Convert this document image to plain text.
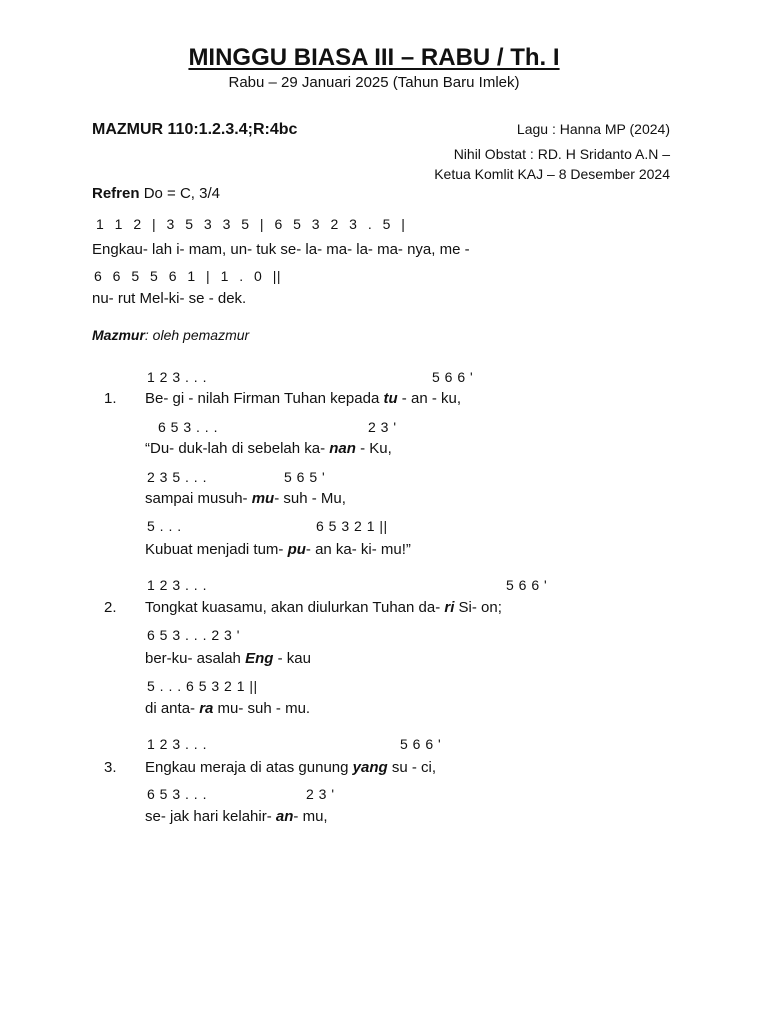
MINGGU BIASA III – RABU / Th. I
Rabu – 29 Januari 2025 (Tahun Baru Imlek)
MAZMUR 110:1.2.3.4;R:4bc	Lagu : Hanna MP (2024)
Nihil Obstat : RD. H Sridanto A.N –
Ketua Komlit KAJ – 8 Desember 2024
Refren Do = C, 3/4
1 1 2 | 3 5 3 3 5 | 6 5 3 2 3 . 5 |
Engkau- lah i- mam, un- tuk se- la- ma- la- ma- nya, me -
6 6 5 5 6 1 | 1 . 0 ||
nu- rut Mel-ki- se - dek.
Mazmur: oleh pemazmur
1.
1 2 3 . . .	5 6 6 '
Be- gi - nilah Firman Tuhan kepada tu - an - ku,
6 5 3 . . .	2 3 '
“Du- duk-lah di sebelah ka- nan - Ku,
2 3 5 . . .	5 6 5 '
sampai musuh- mu- suh - Mu,
5 . . .	6 5 3 2 1 ||
Kubuat menjadi tum- pu- an ka- ki- mu!”
2.
1 2 3 . . .	5 6 6 '
Tongkat kuasamu, akan diulurkan Tuhan da- ri Si- on;
6 5 3 . . . 2 3 '
ber-ku- asalah Eng - kau
5 . . . 6 5 3 2 1 ||
di anta- ra mu- suh - mu.
3.
1 2 3 . . .	5 6 6 '
Engkau meraja di atas gunung yang su - ci,
6 5 3 . . .	2 3 '
se- jak hari kelahir- an- mu,
